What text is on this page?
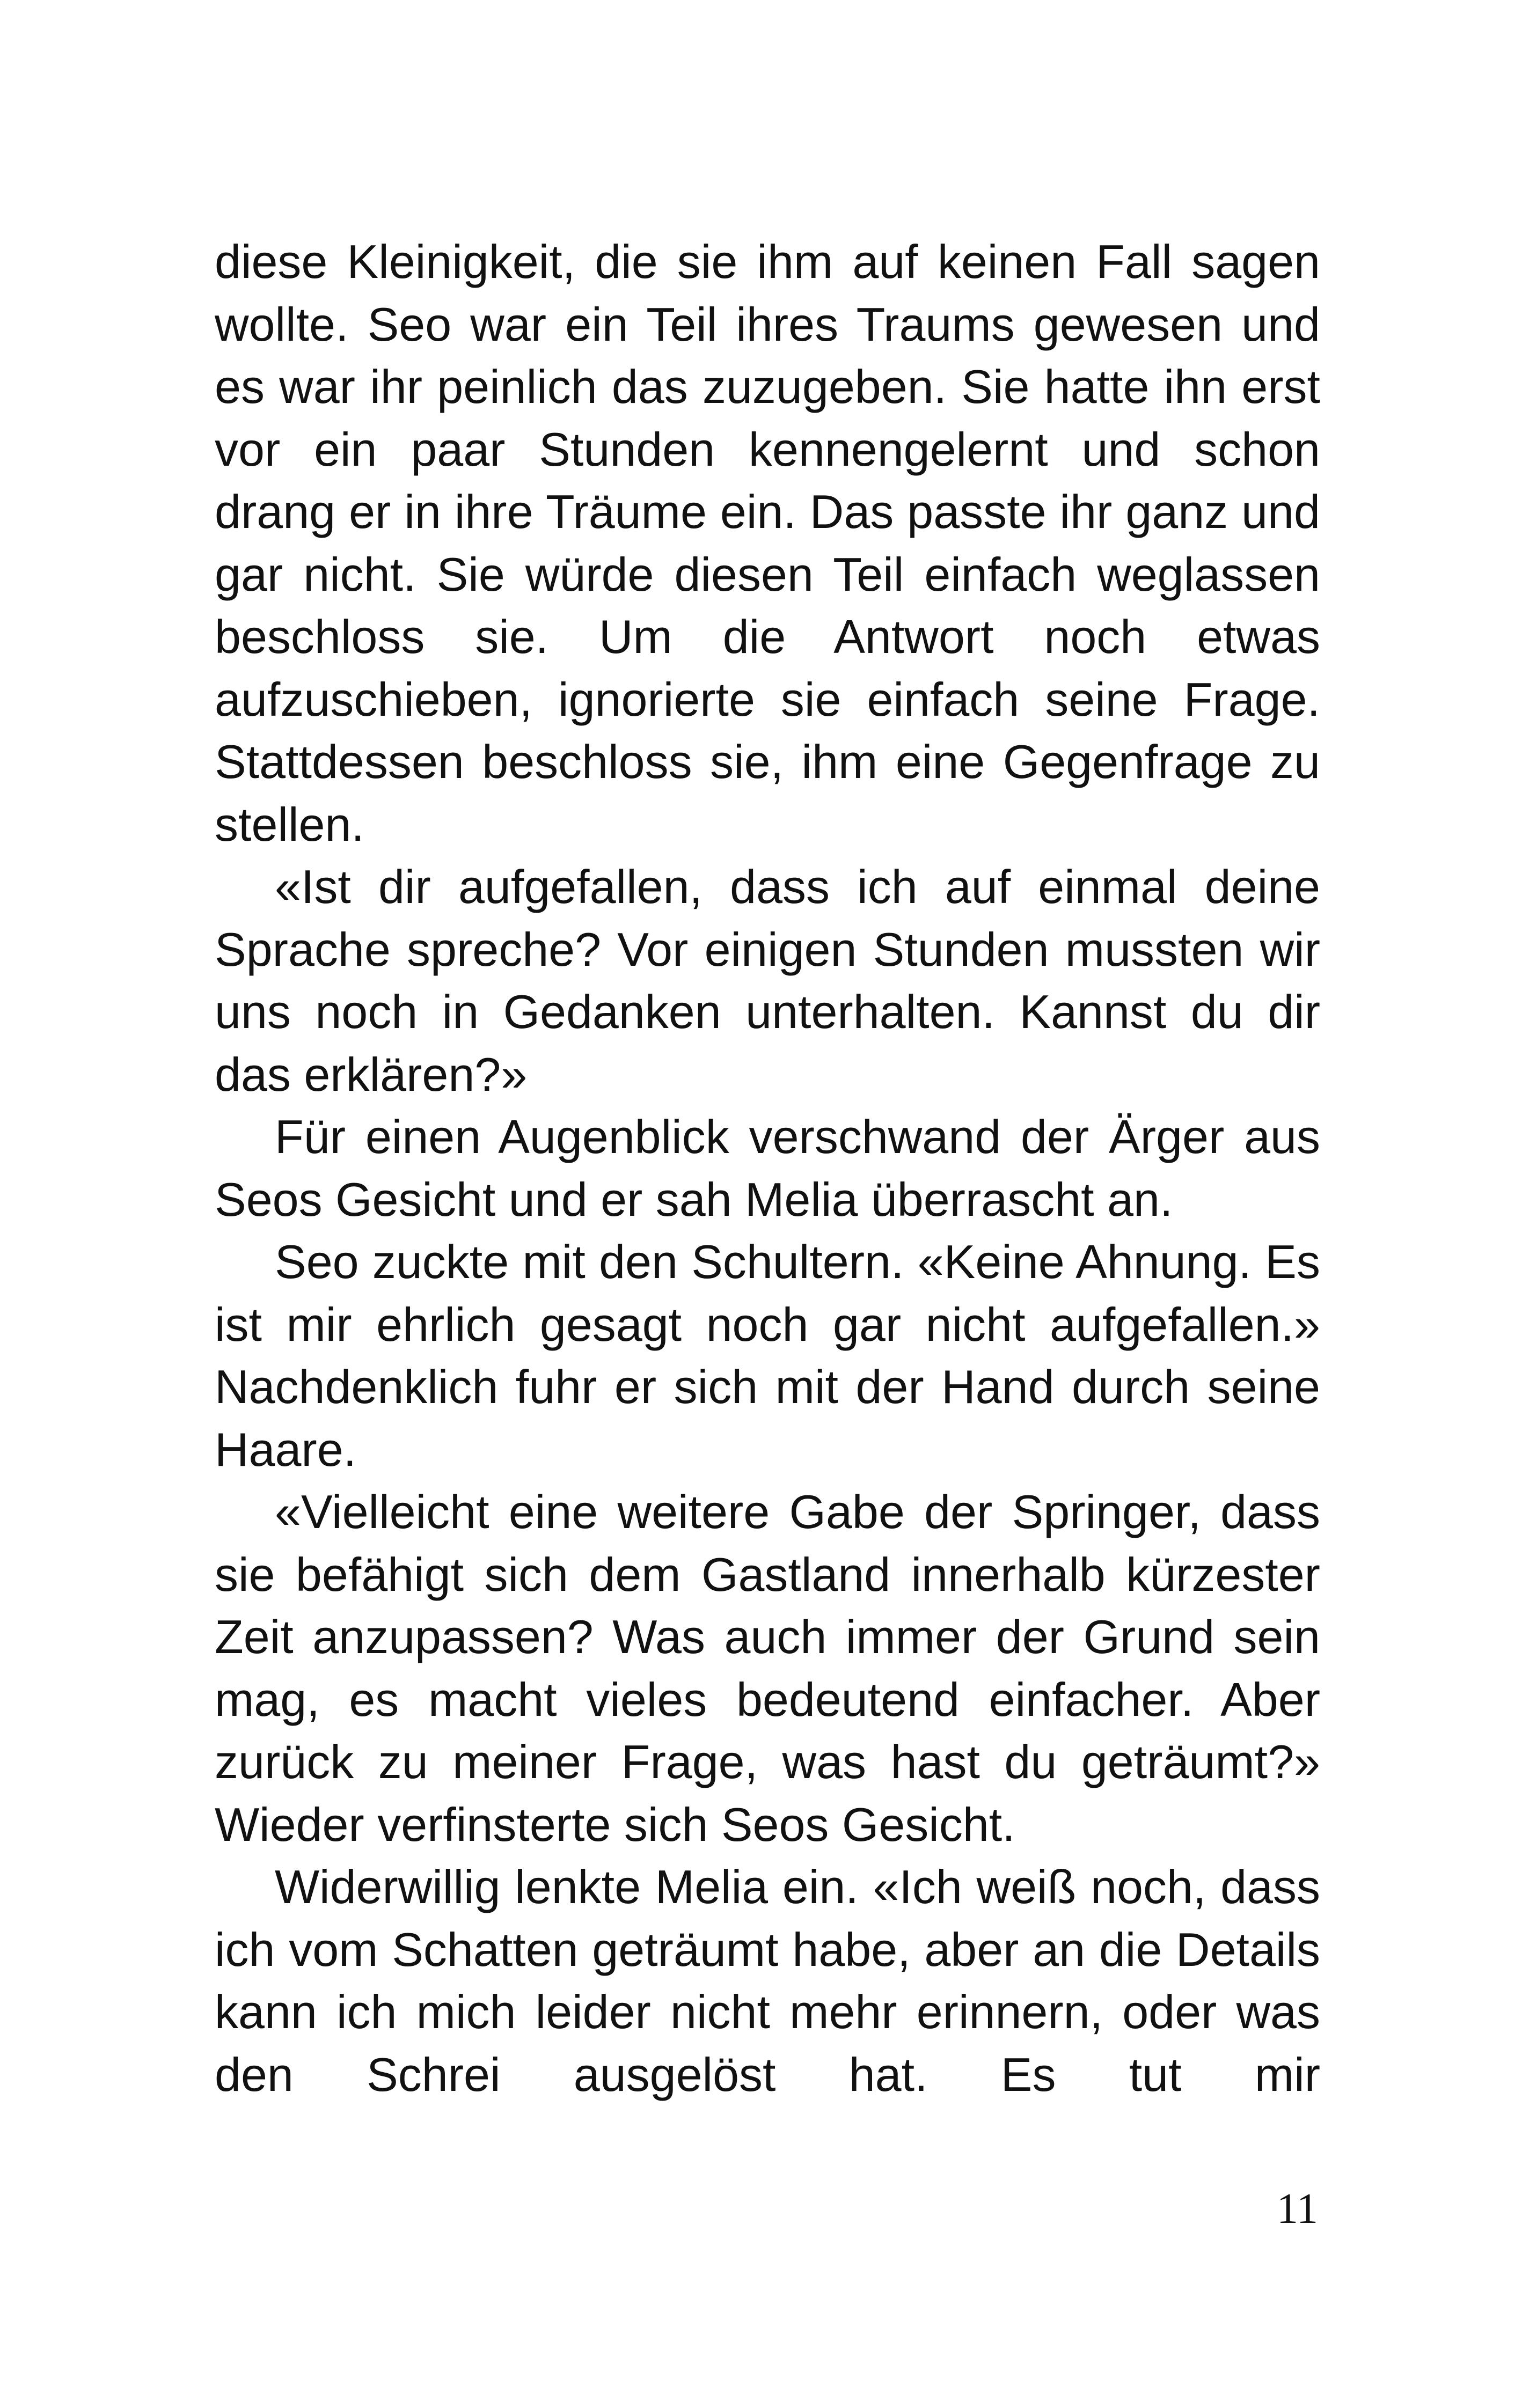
diese Kleinigkeit, die sie ihm auf keinen Fall sagen wollte. Seo war ein Teil ihres Traums gewesen und es war ihr peinlich das zuzugeben. Sie hatte ihn erst vor ein paar Stunden kennengelernt und schon drang er in ihre Träume ein. Das passte ihr ganz und gar nicht. Sie würde diesen Teil einfach weglassen beschloss sie. Um die Antwort noch etwas aufzuschieben, ignorierte sie einfach seine Frage. Stattdessen beschloss sie, ihm eine Gegenfrage zu stellen.

«Ist dir aufgefallen, dass ich auf einmal deine Sprache spreche? Vor einigen Stunden mussten wir uns noch in Gedanken unterhalten. Kannst du dir das erklären?»

Für einen Augenblick verschwand der Ärger aus Seos Gesicht und er sah Melia überrascht an.

Seo zuckte mit den Schultern. «Keine Ahnung. Es ist mir ehrlich gesagt noch gar nicht aufgefallen.» Nachdenklich fuhr er sich mit der Hand durch seine Haare.

«Vielleicht eine weitere Gabe der Springer, dass sie befähigt sich dem Gastland innerhalb kürzester Zeit anzupassen? Was auch immer der Grund sein mag, es macht vieles bedeutend einfacher. Aber zurück zu meiner Frage, was hast du geträumt?» Wieder verfinsterte sich Seos Gesicht.

Widerwillig lenkte Melia ein. «Ich weiß noch, dass ich vom Schatten geträumt habe, aber an die Details kann ich mich leider nicht mehr erinnern, oder was den Schrei ausgelöst hat. Es tut mir

11
